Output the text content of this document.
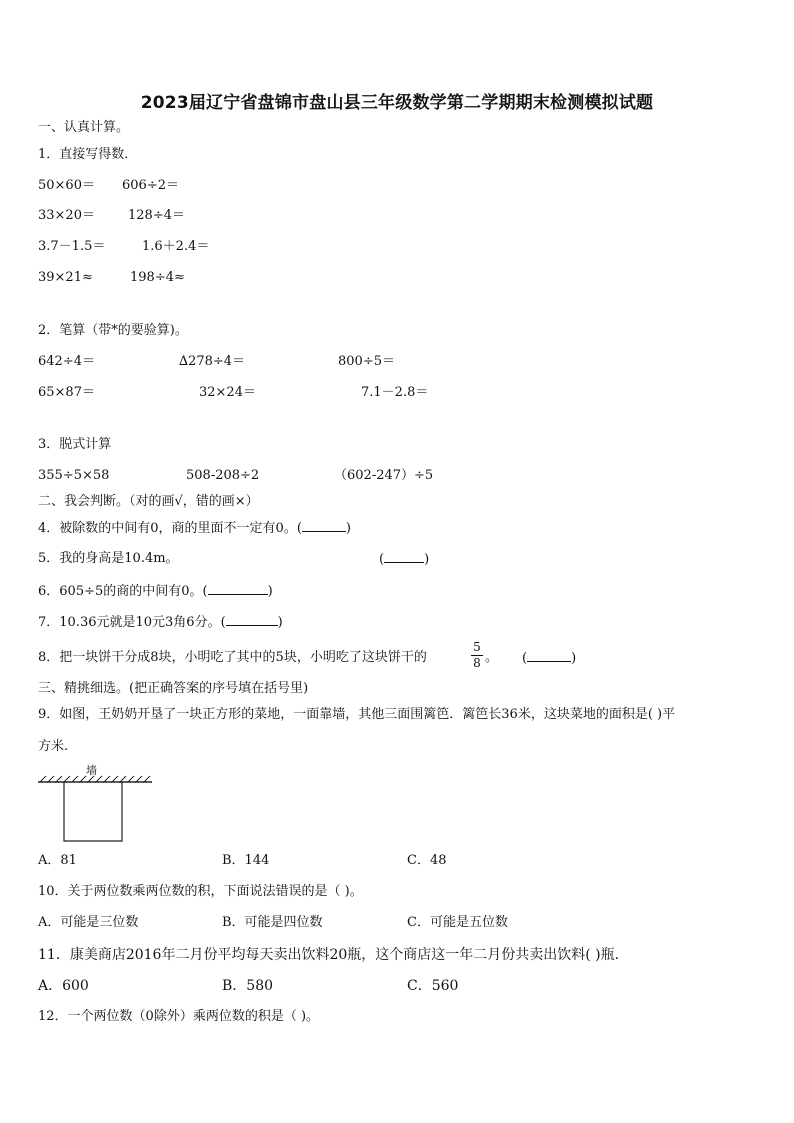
2023届辽宁省盘锦市盘山县三年级数学第二学期期末检测模拟试题
一、认真计算。
1．直接写得数．
50×60＝ 606÷2＝
33×20＝	128÷4＝
3.7－1.5＝	1.6＋2.4＝
39×21≈	198÷4≈
2．笔算（带*的要验算)。
642÷4＝	∆278÷4＝	800÷5＝
65×87＝	32×24＝	7.1－2.8＝
3．脱式计算
355÷5×58	508-208÷2	（602-247）÷5
二、我会判断。（对的画√，错的画×）
4．被除数的中间有0，商的里面不一定有0。(	)
5．我的身高是10.4m。	(	)
6．605÷5的商的中间有0。(	)
7．10.36元就是10元3角6分。(	)
8．把一块饼干分成8块，小明吃了其中的5块，小明吃了这块饼干的
5
8 。 (	)
三、精挑细选。(把正确答案的序号填在括号里)
9．如图，王奶奶开垦了一块正方形的菜地，一面靠墙，其他三面围篱笆．篱笆长36米，这块菜地的面积是( )平
方米.
墙
A．81	B．144	C．48
10．关于两位数乘两位数的积，下面说法错误的是（ )。
A．可能是三位数	B．可能是四位数	C．可能是五位数
11．康美商店2016年二月份平均每天卖出饮料20瓶，这个商店这一年二月份共卖出饮料( )瓶.
A．600	B．580	C．560
12．一个两位数（0除外）乘两位数的积是（ )。
